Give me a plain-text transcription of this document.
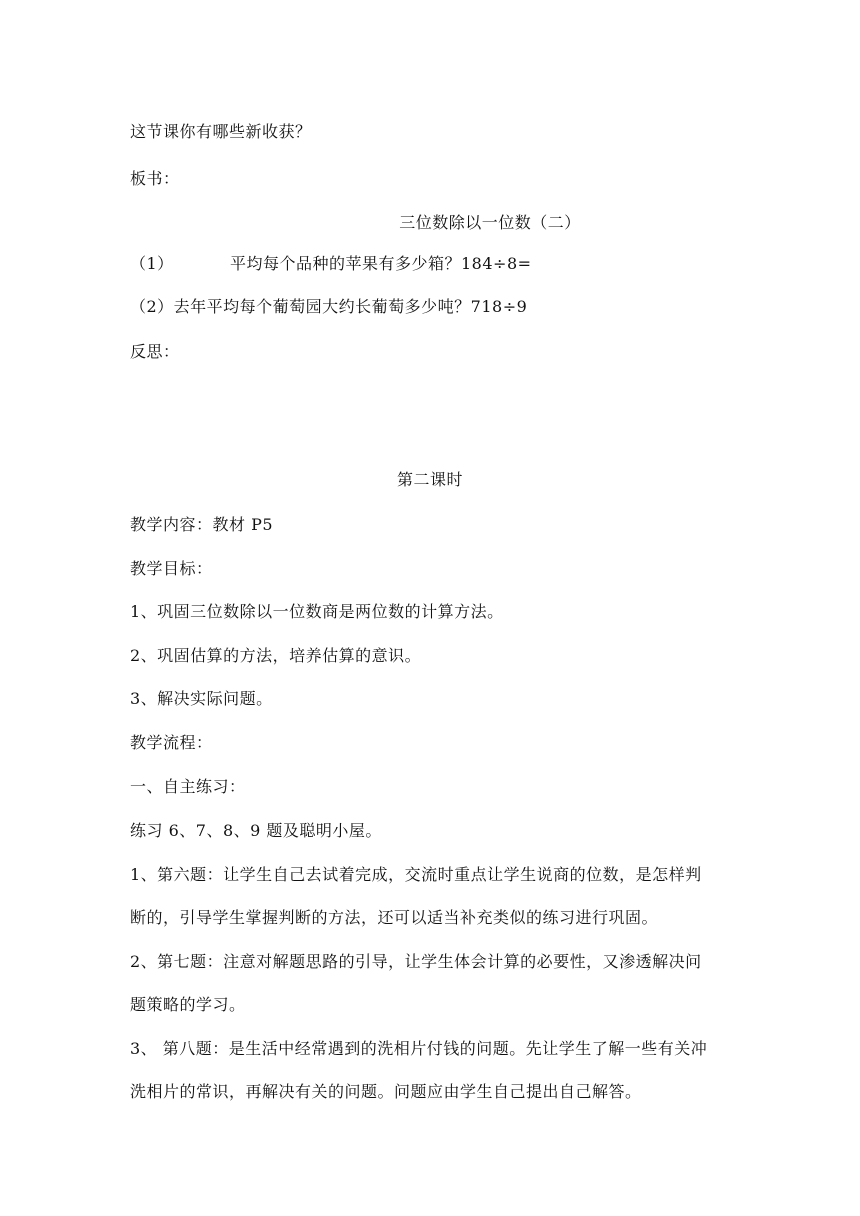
这节课你有哪些新收获？
板书：
三位数除以一位数（二）
（1）	平均每个品种的苹果有多少箱？184÷8=
（2）去年平均每个葡萄园大约长葡萄多少吨？718÷9
反思：
第二课时
教学内容：教材 P5
教学目标：
1、巩固三位数除以一位数商是两位数的计算方法。
2、巩固估算的方法，培养估算的意识。
3、解决实际问题。
教学流程：
一、自主练习：
练习 6、7、8、9 题及聪明小屋。
1、第六题：让学生自己去试着完成，交流时重点让学生说商的位数，是怎样判
断的，引导学生掌握判断的方法，还可以适当补充类似的练习进行巩固。
2、第七题：注意对解题思路的引导，让学生体会计算的必要性，又渗透解决问
题策略的学习。
3、 第八题：是生活中经常遇到的洗相片付钱的问题。先让学生了解一些有关冲
洗相片的常识，再解决有关的问题。问题应由学生自己提出自己解答。
